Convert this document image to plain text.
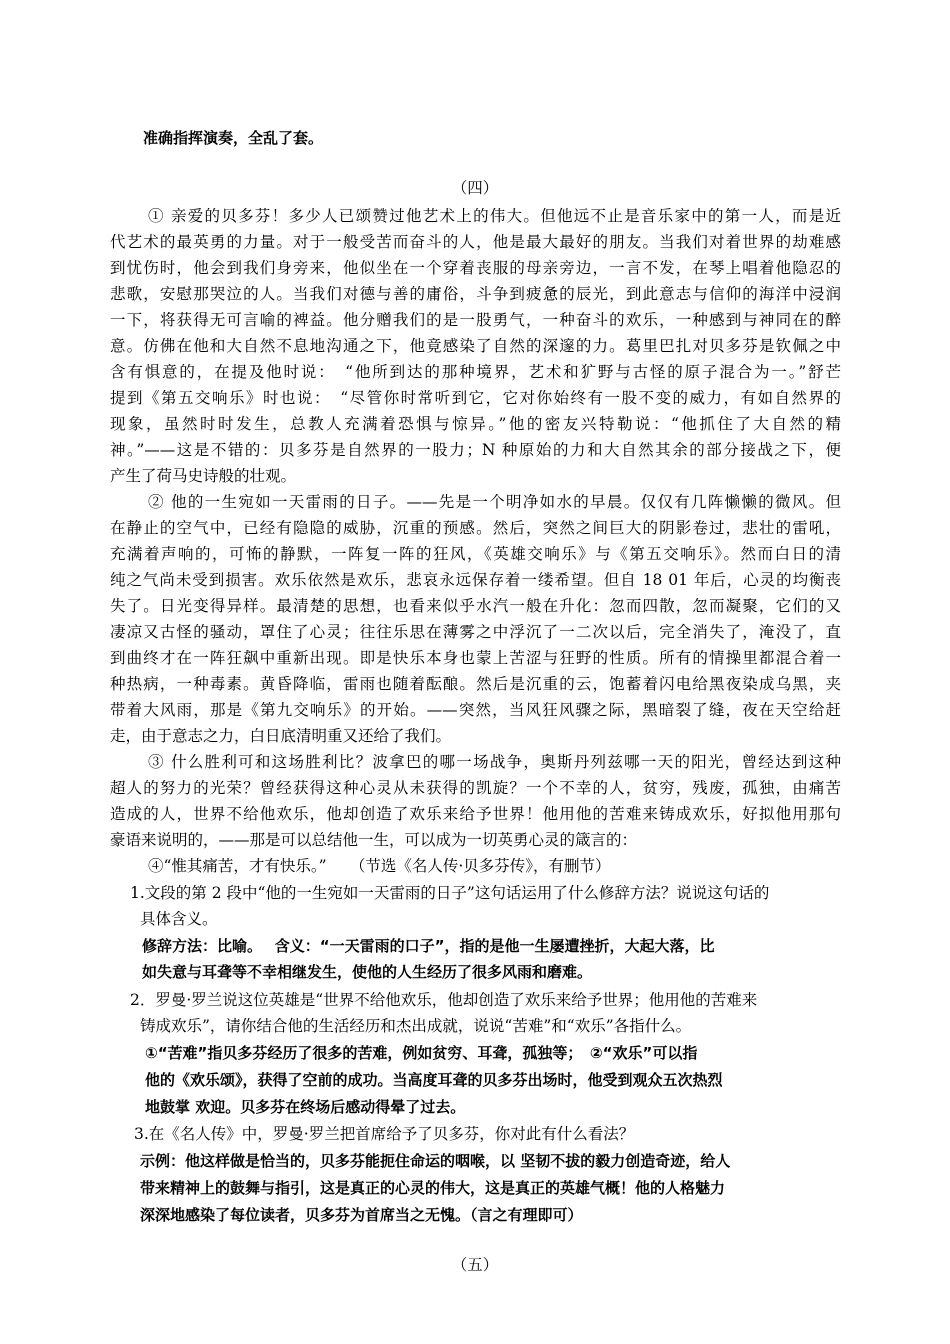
准确指挥演奏，全乱了套。
（四）
① 亲爱的贝多芬！多少人已颂赞过他艺术上的伟大。但他远不止是音乐家中的第一人，而是近
代艺术的最英勇的力量。对于一般受苦而奋斗的人，他是最大最好的朋友。当我们对着世界的劫难感
到忧伤时，他会到我们身旁来，他似坐在一个穿着丧服的母亲旁边，一言不发，在琴上唱着他隐忍的
悲歌，安慰那哭泣的人。当我们对德与善的庸俗，斗争到疲惫的辰光，到此意志与信仰的海洋中浸润
一下，将获得无可言喻的裨益。他分赠我们的是一股勇气，一种奋斗的欢乐，一种感到与神同在的醉
意。仿佛在他和大自然不息地沟通之下，他竟感染了自然的深邃的力。葛里巴扎对贝多芬是钦佩之中
含有惧意的，在提及他时说：　“他所到达的那种境界，艺术和犷野与古怪的原子混合为一。”舒芒
提到《第五交响乐》时也说：　“尽管你时常听到它，它对你始终有一股不变的威力，有如自然界的
现象，虽然时时发生，总教人充满着恐惧与惊异。”他的密友兴特勒说：“他抓住了大自然的精
神。”——这是不错的：贝多芬是自然界的一股力；N 种原始的力和大自然其余的部分接战之下，便
产生了荷马史诗般的壮观。
② 他的一生宛如一天雷雨的日子。——先是一个明净如水的早晨。仅仅有几阵懒懒的微风。但
在静止的空气中，已经有隐隐的威胁，沉重的预感。然后，突然之间巨大的阴影卷过，悲壮的雷吼，
充满着声响的，可怖的静默，一阵复一阵的狂风，《英雄交响乐》与《第五交响乐》。然而白日的清
纯之气尚未受到损害。欢乐依然是欢乐，悲哀永远保存着一缕希望。但自 18 01 年后，心灵的均衡丧
失了。日光变得异样。最清楚的思想，也看来似乎水汽一般在升化：忽而四散，忽而凝聚，它们的又
凄凉又古怪的骚动，罩住了心灵；往往乐思在薄雾之中浮沉了一二次以后，完全消失了，淹没了，直
到曲终才在一阵狂飙中重新出现。即是快乐本身也蒙上苦涩与狂野的性质。所有的情操里都混合着一
种热病，一种毒素。黄昏降临，雷雨也随着酝酿。然后是沉重的云，饱蓄着闪电给黑夜染成乌黑，夹
带着大风雨，那是《第九交响乐》的开始。——突然，当风狂风骤之际，黑暗裂了缝，夜在天空给赶
走，由于意志之力，白日底清明重又还给了我们。
③ 什么胜利可和这场胜利比？波拿巴的哪一场战争，奥斯丹列兹哪一天的阳光，曾经达到这种
超人的努力的光荣？曾经获得这种心灵从未获得的凯旋？一个不幸的人，贫穷，残废，孤独，由痛苦
造成的人，世界不给他欢乐，他却创造了欢乐来给予世界！他用他的苦难来铸成欢乐，好拟他用那句
豪语来说明的，——那是可以总结他一生，可以成为一切英勇心灵的箴言的：
④“惟其痛苦，才有快乐。”　　（节选《名人传·贝多芬传》，有删节）
1.文段的第 2 段中“他的一生宛如一天雷雨的日子”这句话运用了什么修辞方法？说说这句话的
具体含义。
修辞方法：比喻。　 含义：“一天雷雨的口子”，指的是他一生屡遭挫折，大起大落，比
如失意与耳聋等不幸相继发生，使他的人生经历了很多风雨和磨难。
2．罗曼·罗兰说这位英雄是“世界不给他欢乐，他却创造了欢乐来给予世界；他用他的苦难来
铸成欢乐”，请你结合他的生活经历和杰出成就，说说“苦难”和“欢乐”各指什么。
①“苦难”指贝多芬经历了很多的苦难，例如贫穷、耳聋，孤独等；　②“欢乐”可以指
他的《欢乐颂》，获得了空前的成功。当高度耳聋的贝多芬出场时，他受到观众五次热烈
地鼓掌 欢迎。贝多芬在终场后感动得晕了过去。
3.在《名人传》中，罗曼·罗兰把首席给予了贝多芬，你对此有什么看法？
示例：他这样做是恰当的，贝多芬能扼住命运的咽喉，以 坚韧不拔的毅力创造奇迹，给人
带来精神上的鼓舞与指引，这是真正的心灵的伟大，这是真正的英雄气概！他的人格魅力
深深地感染了每位读者，贝多芬为首席当之无愧。（言之有理即可）
（五）
